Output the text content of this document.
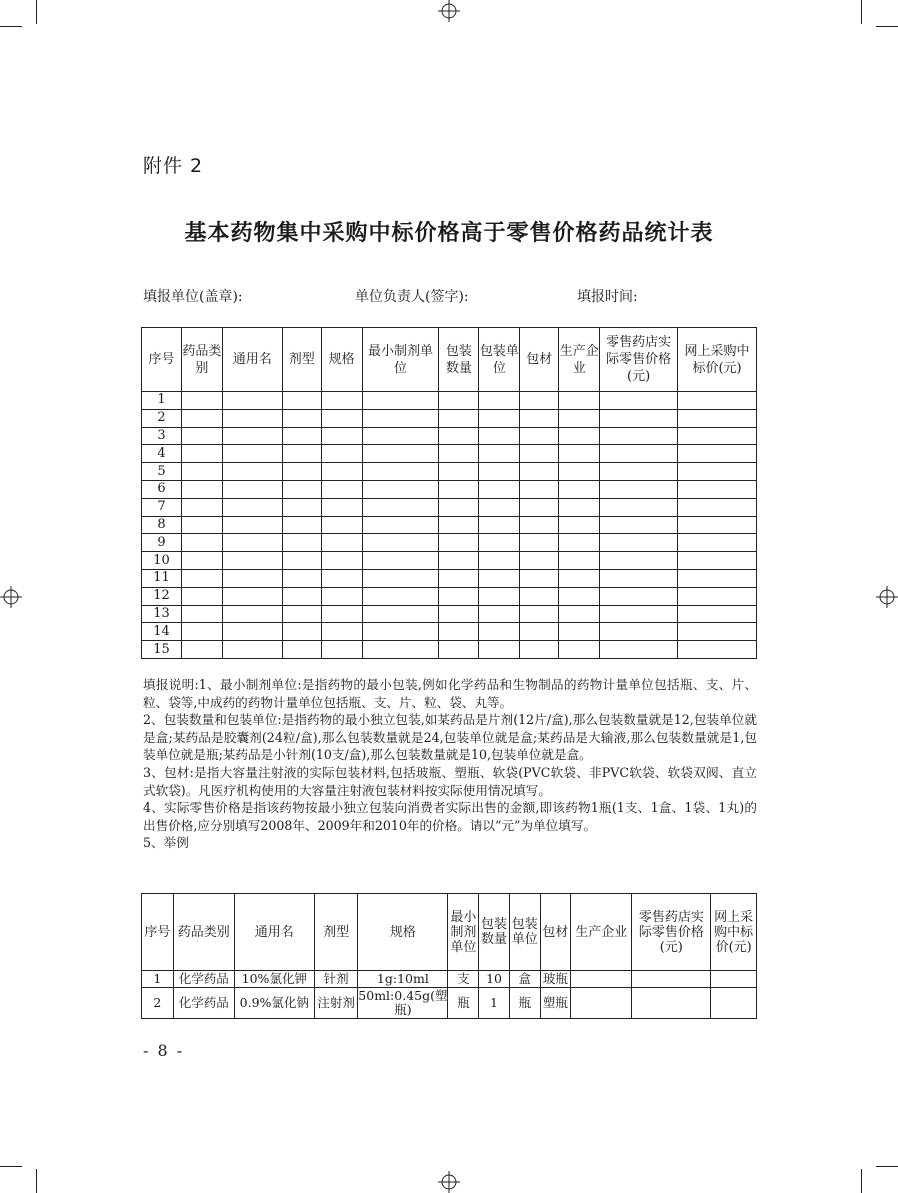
附件 2
基本药物集中采购中标价格高于零售价格药品统计表
填报单位(盖章):	单位负责人(签字):	填报时间:
序号	药品类别	通用名	剂型	规格	最小制剂单位	包装数量	包装单位	包材	生产企业	零售药店实际零售价格(元)	网上采购中标价(元)
1											
2											
3											
4											
5											
6											
7											
8											
9											
10											
11											
12											
13											
14											
15											

填报说明:1、最小制剂单位:是指药物的最小包装,例如化学药品和生物制品的药物计量单位包括瓶、支、片、粒、袋等,中成药的药物计量单位包括瓶、支、片、粒、袋、丸等。

2、包装数量和包装单位:是指药物的最小独立包装,如某药品是片剂(12片/盒),那么包装数量就是12,包装单位就是盒;某药品是胶囊剂(24粒/盒),那么包装数量就是24,包装单位就是盒;某药品是大输液,那么包装数量就是1,包装单位就是瓶;某药品是小针剂(10支/盒),那么包装数量就是10,包装单位就是盒。

3、包材:是指大容量注射液的实际包装材料,包括玻瓶、塑瓶、软袋(PVC软袋、非PVC软袋、软袋双阀、直立式软袋)。凡医疗机构使用的大容量注射液包装材料按实际使用情况填写。

4、实际零售价格是指该药物按最小独立包装向消费者实际出售的金额,即该药物1瓶(1支、1盒、1袋、1丸)的出售价格,应分别填写2008年、2009年和2010年的价格。请以“元”为单位填写。

5、举例

序号	药品类别	通用名	剂型	规格	最小制剂单位	包装数量	包装单位	包材	生产企业	零售药店实际零售价格(元)	网上采购中标价(元)
1	化学药品	10%氯化钾	针剂	1g:10ml	支	10	盒	玻瓶			
2	化学药品	0.9%氯化钠	注射剂	50ml:0.45g(塑瓶)	瓶	1	瓶	塑瓶			
- 8 -
